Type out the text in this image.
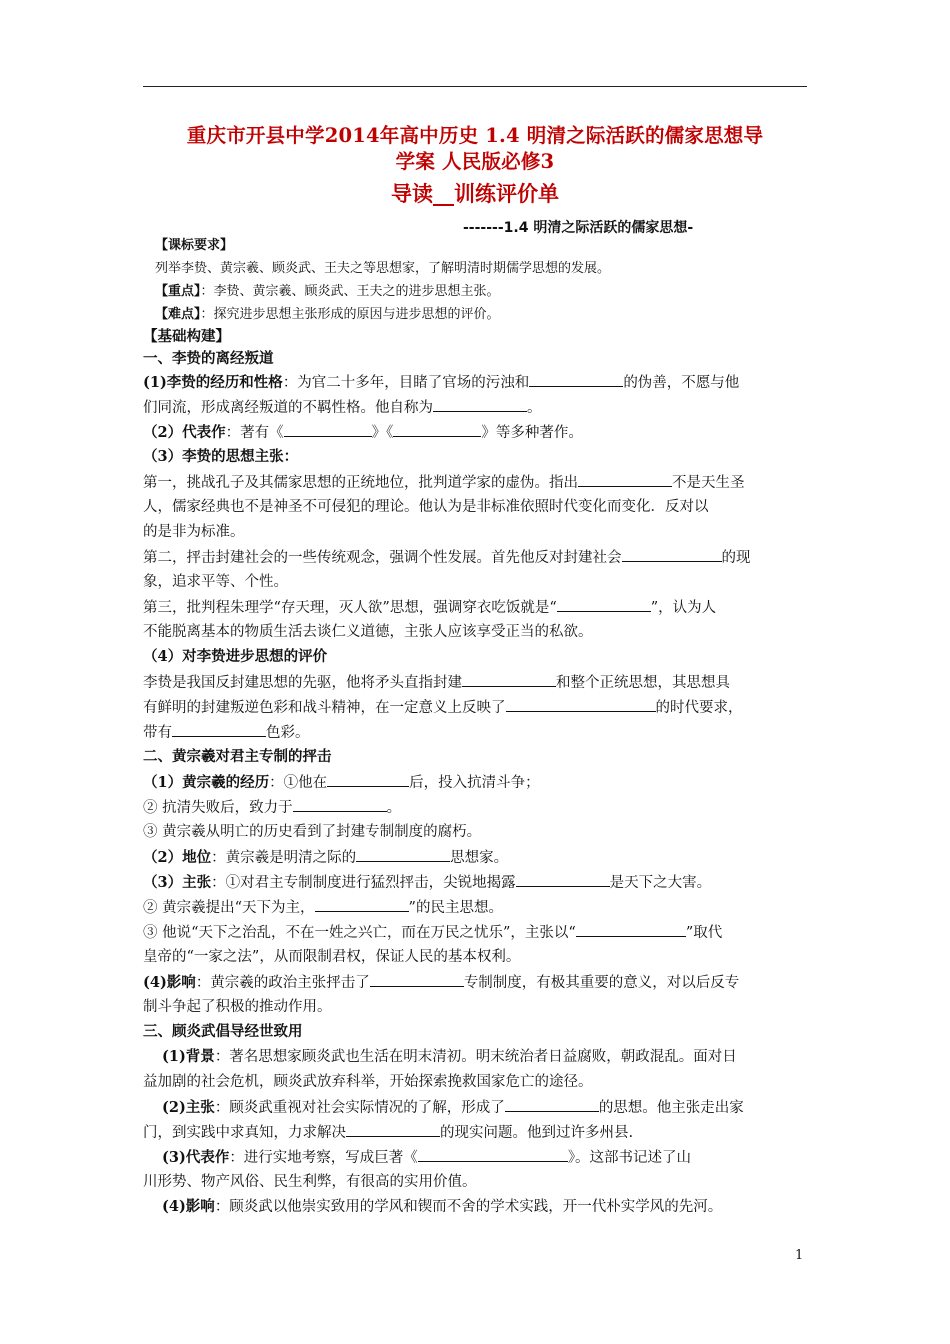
重庆市开县中学2014年高中历史 1.4 明清之际活跃的儒家思想导
学案 人民版必修3
导读__训练评价单
-------1.4 明清之际活跃的儒家思想-
【课标要求】
列举李贽、黄宗羲、顾炎武、王夫之等思想家，了解明清时期儒学思想的发展。
【重点】：李贽、黄宗羲、顾炎武、王夫之的进步思想主张。
【难点】：探究进步思想主张形成的原因与进步思想的评价。
【基础构建】
一、李贽的离经叛道
(1)李贽的经历和性格：为官二十多年，目睹了官场的污浊和	的伪善，不愿与他
们同流，形成离经叛道的不羁性格。他自称为	。
（2）代表作：著有《	》《	》等多种著作。
（3）李贽的思想主张：
第一，挑战孔子及其儒家思想的正统地位，批判道学家的虚伪。指出	不是天生圣
人，儒家经典也不是神圣不可侵犯的理论。他认为是非标准依照时代变化而变化．反对以
的是非为标准。
第二，抨击封建社会的一些传统观念，强调个性发展。首先他反对封建社会	的现
象，追求平等、个性。
第三，批判程朱理学“存天理，灭人欲”思想，强调穿衣吃饭就是“	”，认为人
不能脱离基本的物质生活去谈仁义道德，主张人应该享受正当的私欲。
（4）对李贽进步思想的评价
李贽是我国反封建思想的先驱，他将矛头直指封建	和整个正统思想，其思想具
有鲜明的封建叛逆色彩和战斗精神，在一定意义上反映了	的时代要求，
带有	色彩。
二、黄宗羲对君主专制的抨击
（1）黄宗羲的经历：①他在	后，投入抗清斗争；
② 抗清失败后，致力于	。
③ 黄宗羲从明亡的历史看到了封建专制制度的腐朽。
（2）地位：黄宗羲是明清之际的	思想家。
（3）主张：①对君主专制制度进行猛烈抨击，尖锐地揭露	是天下之大害。
② 黄宗羲提出“天下为主，	”的民主思想。
③ 他说“天下之治乱，不在一姓之兴亡，而在万民之忧乐”，主张以“	”取代
皇帝的“一家之法”，从而限制君权，保证人民的基本权利。
(4)影响：黄宗羲的政治主张抨击了	专制制度，有极其重要的意义，对以后反专
制斗争起了积极的推动作用。
三、顾炎武倡导经世致用
(1)背景：著名思想家顾炎武也生活在明末清初。明末统治者日益腐败，朝政混乱。面对日
益加剧的社会危机，顾炎武放弃科举，开始探索挽救国家危亡的途径。
(2)主张：顾炎武重视对社会实际情况的了解，形成了	的思想。他主张走出家
门，到实践中求真知，力求解决	的现实问题。他到过许多州县.
(3)代表作：进行实地考察，写成巨著《	》。这部书记述了山
川形势、物产风俗、民生利弊，有很高的实用价值。
(4)影响：顾炎武以他崇实致用的学风和锲而不舍的学术实践，开一代朴实学风的先河。
1
